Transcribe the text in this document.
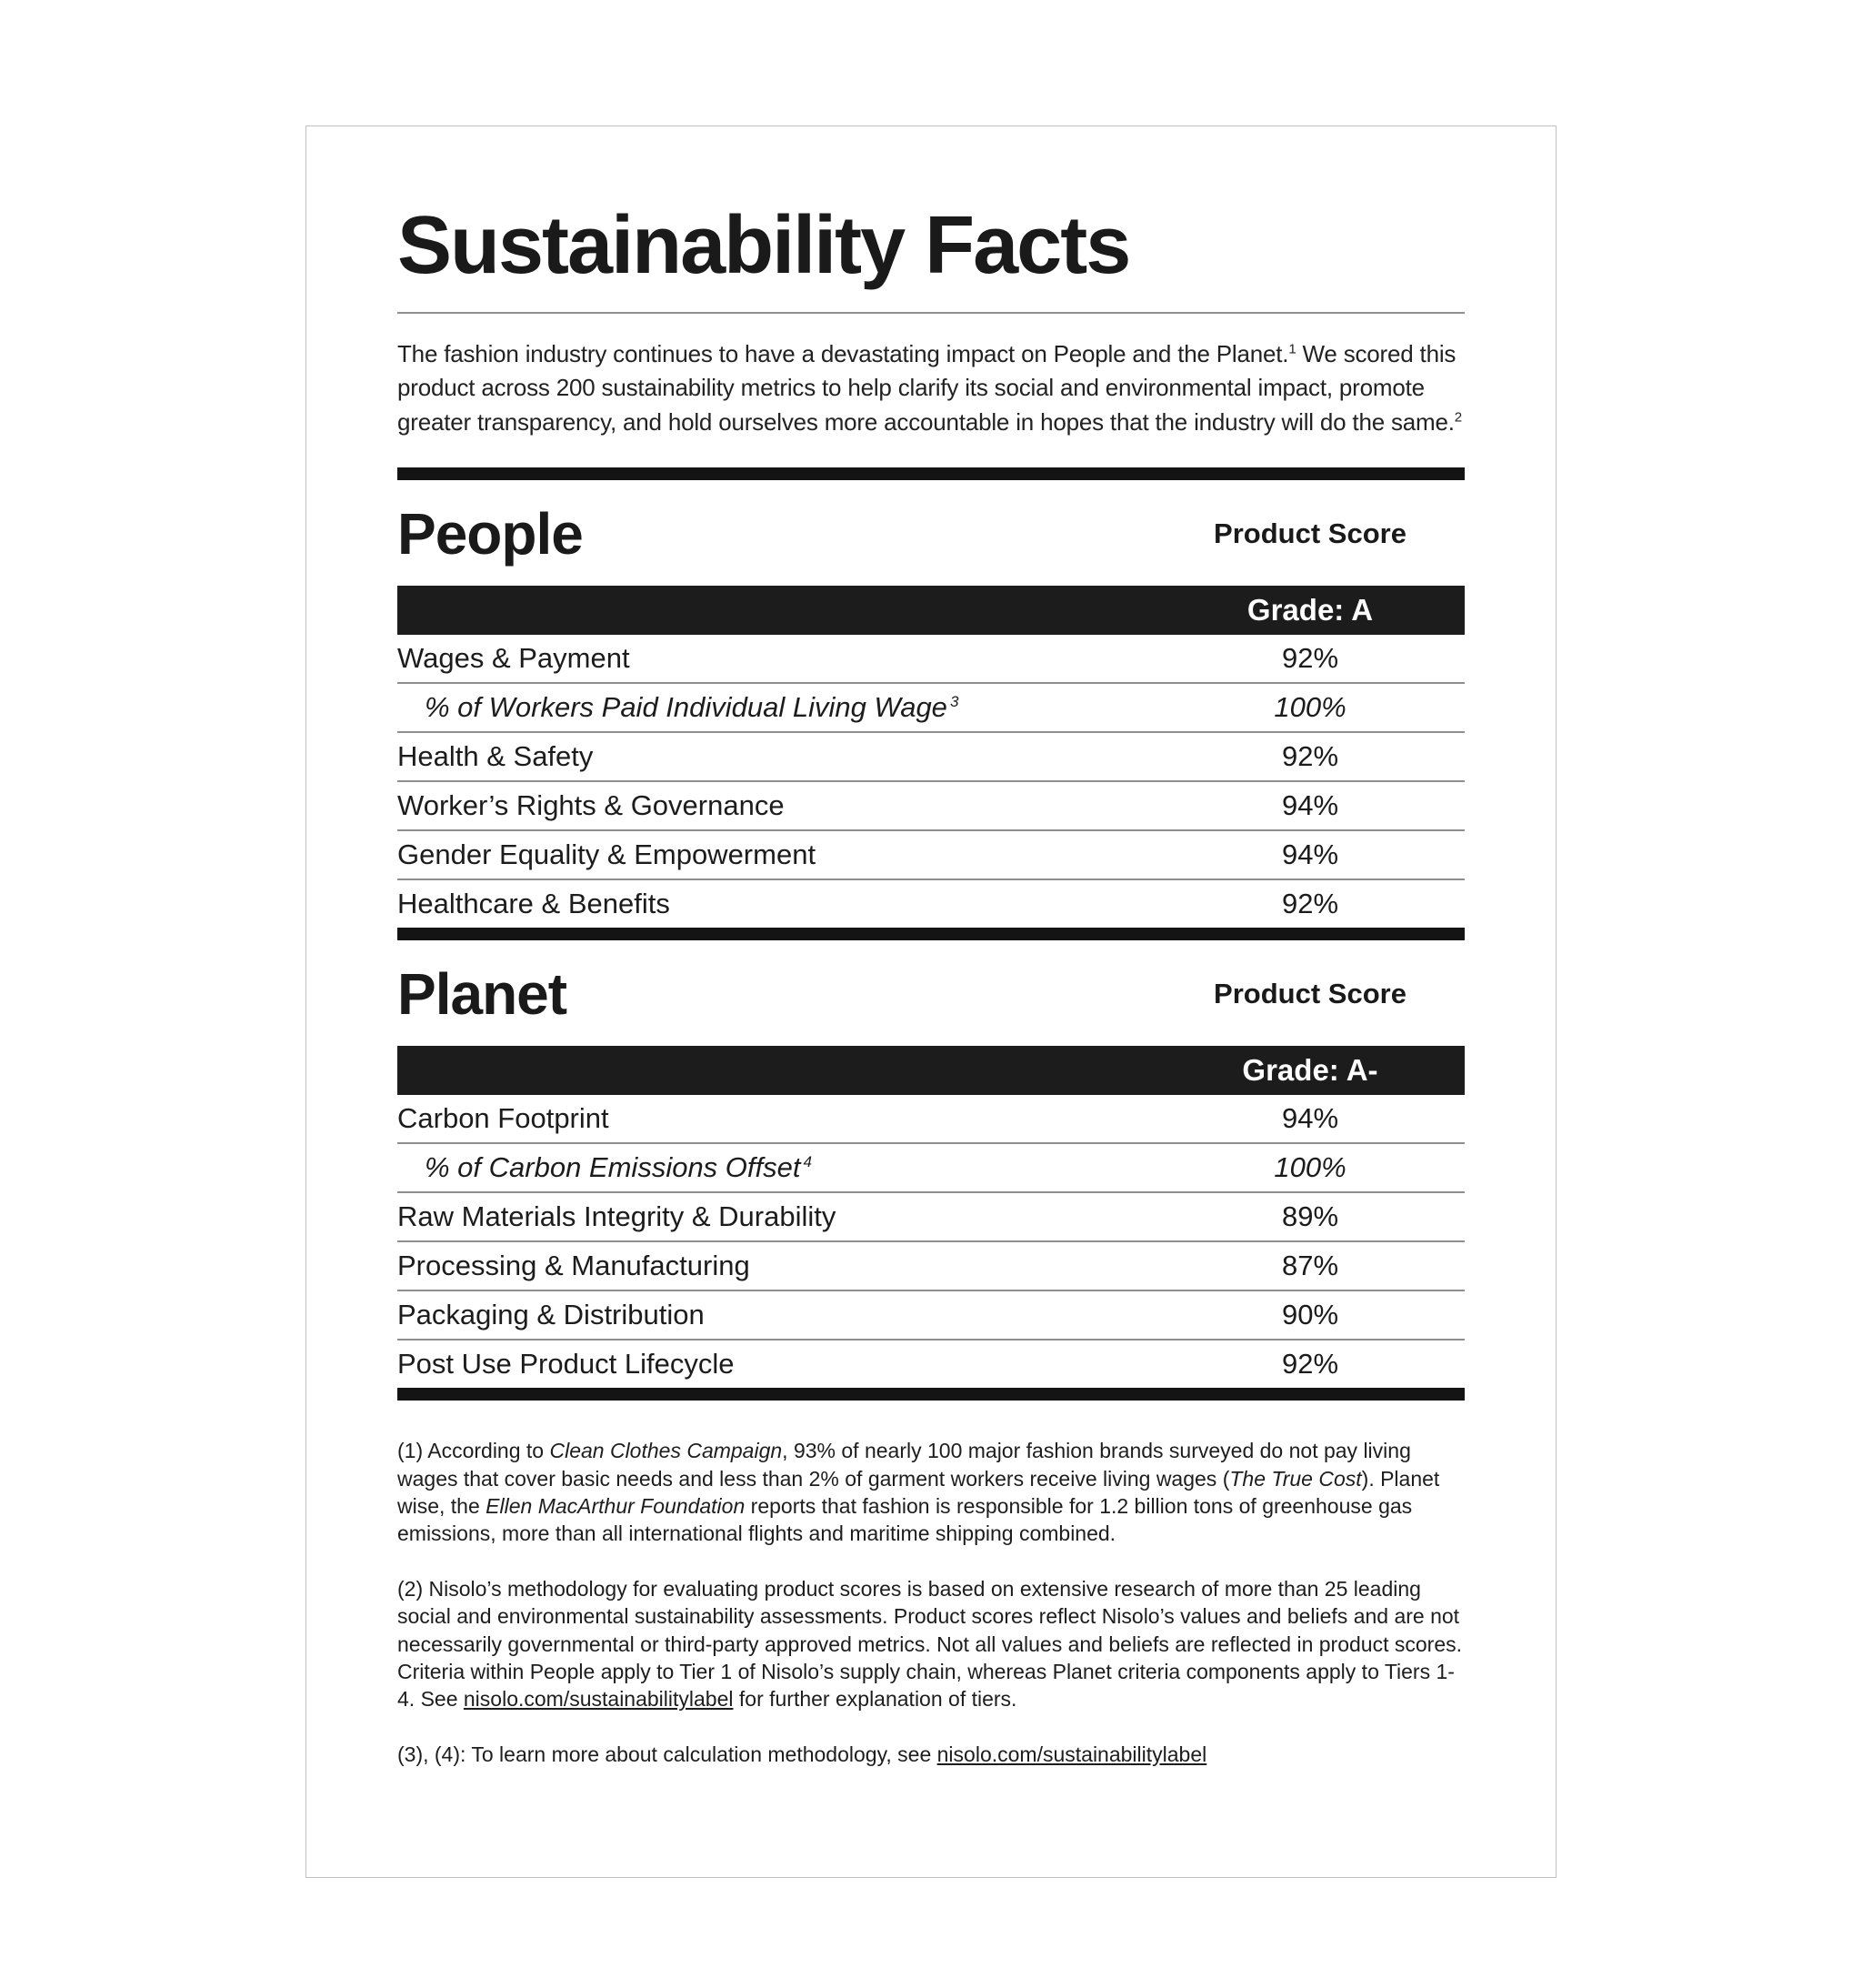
Sustainability Facts

The fashion industry continues to have a devastating impact on People and the Planet.$^1$ We scored this product across 200 sustainability metrics to help clarify its social and environmental impact, promote greater transparency, and hold ourselves more accountable in hopes that the industry will do the same.$^2$

People	Product Score
Grade: A
Wages & Payment	92%
% of Workers Paid Individual Living Wage $^3$	100%
Health & Safety	92%
Worker’s Rights & Governance	94%
Gender Equality & Empowerment	94%
Healthcare & Benefits	92%
Planet	Product Score
Grade: A-
Carbon Footprint	94%
% of Carbon Emissions Offset $^4$	100%
Raw Materials Integrity & Durability	89%
Processing & Manufacturing	87%
Packaging & Distribution	90%
Post Use Product Lifecycle	92%

(1) According to Clean Clothes Campaign, 93% of nearly 100 major fashion brands surveyed do not pay living wages that cover basic needs and less than 2% of garment workers receive living wages (The True Cost). Planet wise, the Ellen MacArthur Foundation reports that fashion is responsible for 1.2 billion tons of greenhouse gas emissions, more than all international flights and maritime shipping combined.

(2) Nisolo’s methodology for evaluating product scores is based on extensive research of more than 25 leading social and environmental sustainability assessments. Product scores reflect Nisolo’s values and beliefs and are not necessarily governmental or third-party approved metrics. Not all values and beliefs are reflected in product scores. Criteria within People apply to Tier 1 of Nisolo’s supply chain, whereas Planet criteria components apply to Tiers 1-4. See nisolo.com/sustainabilitylabel for further explanation of tiers.

(3), (4): To learn more about calculation methodology, see nisolo.com/sustainabilitylabel
